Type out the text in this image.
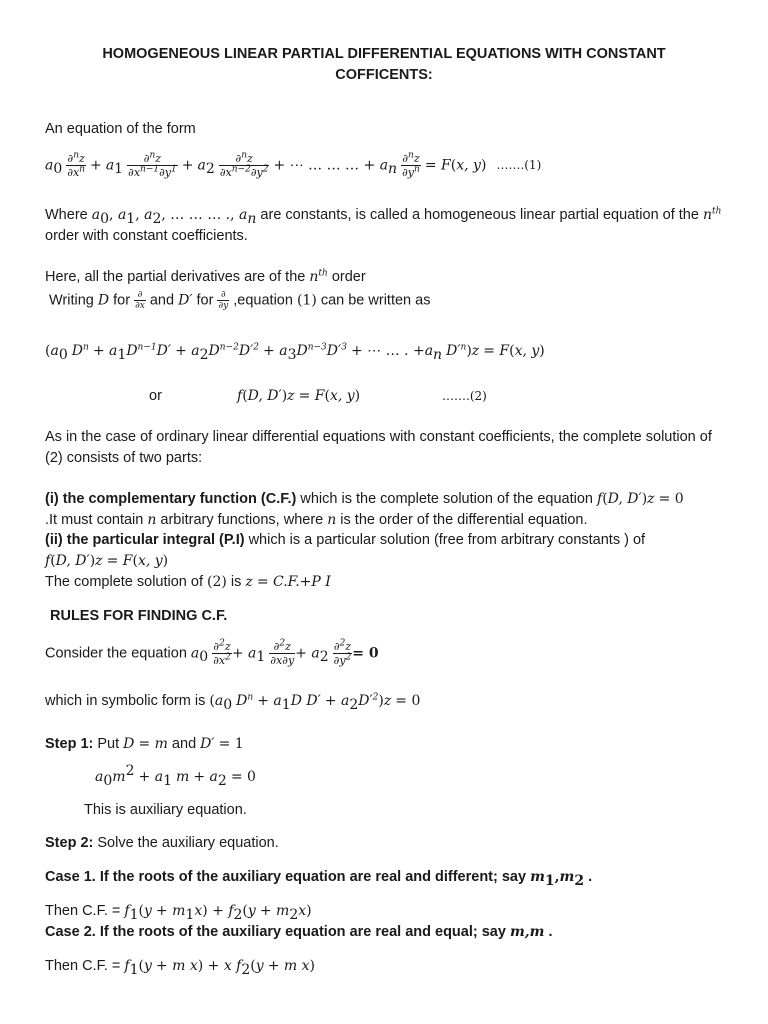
HOMOGENEOUS LINEAR PARTIAL DIFFERENTIAL EQUATIONS WITH CONSTANT COFFICENTS:
An equation of the form
$a_0 \frac{\partial^nz}{\partial x^n} + a_1 \frac{\partial^nz}{\partial x^{n-1}\partial y^1} + a_2 \frac{\partial^nz}{\partial x^{n-2}\partial y^2}$ + ⋯ … … … + $a_n \frac{\partial^nz}{\partial y^n} = F(x$, y) …….(1)
Where $a_0$, $a_1$, $a_2$, … … … ., $a_n$ are constants, is called a homogeneous linear partial equation of the $n^{th}$
order with constant coefficients.
Here, all the partial derivatives are of the $n^{th}$ order
Writing D for $\frac{\partial}{\partial x}$ and D′ for $\frac{\partial}{\partial y}$ ,equation (1) can be written as
($a_0$ $D^n + a_1D^{n-1}D' + a_2D^{n-2}D'^2 + a_3D^{n-3}D'^3$ + ⋯ … . $+a_n$ $D'^n)z = F(x$, y)
or	f(D, D′)z = F(x, y)	…….(2)
As in the case of ordinary linear differential equations with constant coefficients, the complete solution of (2) consists of two parts:
(i) the complementary function (C.F.) which is the complete solution of the equation f(D, D′)z = 0
.It must contain n arbitrary functions, where n is the order of the differential equation.
(ii) the particular integral (P.I) which is a particular solution (free from arbitrary constants ) of
f(D, D′)z = F(x, y)
The complete solution of (2) is z = C.F.+P I
RULES FOR FINDING C.F.
Consider the equation $a_0 \frac{\partial^2z}{\partial x^2} + a_1 \frac{\partial^2z}{\partial x\partial y} + a_2 \frac{\partial^2z}{\partial y^2} = 0$
which in symbolic form is ($a_0$ $D^n + a_1D$ $D' + a_2D'^2)z = 0$
Step 1: Put D = m and D′ = 1
$a_0m^2 + a_1$ $m + a_2 = 0$
This is auxiliary equation.
Step 2: Solve the auxiliary equation.
Case 1. If the roots of the auxiliary equation are real and different; say $m_1,m_2$ .
Then C.F. = $f_1(y + m_1x) + f_2(y + m_2x)$
Case 2. If the roots of the auxiliary equation are real and equal; say m,m .
Then C.F. = $f_1(y + m$ x) + x $f_2(y + m$ x)
